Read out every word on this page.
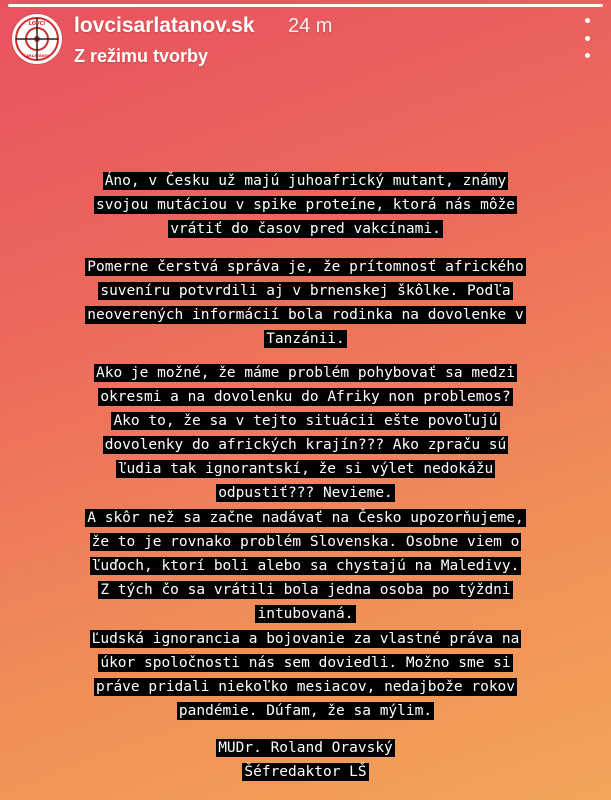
LOVCI
ŠARLATÁNOV
lovcisarlatanov.sk 24 m
Z režimu tvorby
Áno, v Česku už majú juhoafrický mutant, známy
svojou mutáciou v spike proteíne, ktorá nás môže
vrátiť do časov pred vakcínami.
Pomerne čerstvá správa je, že prítomnosť afrického
suveníru potvrdili aj v brnenskej škôlke. Podľa
neoverených informácií bola rodinka na dovolenke v
Tanzánii.
Ako je možné, že máme problém pohybovať sa medzi
okresmi a na dovolenku do Afriky non problemos?
Ako to, že sa v tejto situácii ešte povoľujú
dovolenky do afrických krajín??? Ako zpraču sú
ľudia tak ignorantskí, že si výlet nedokážu
odpustiť??? Nevieme.
A skôr než sa začne nadávať na Česko upozorňujeme,
že to je rovnako problém Slovenska. Osobne viem o
ľuďoch, ktorí boli alebo sa chystajú na Maledivy.
Z tých čo sa vrátili bola jedna osoba po týždni
intubovaná.
Ľudská ignorancia a bojovanie za vlastné práva na
úkor spoločnosti nás sem doviedli. Možno sme si
práve pridali niekoľko mesiacov, nedajbože rokov
pandémie. Dúfam, že sa mýlim.
MUDr. Roland Oravský
Šéfredaktor LŠ
